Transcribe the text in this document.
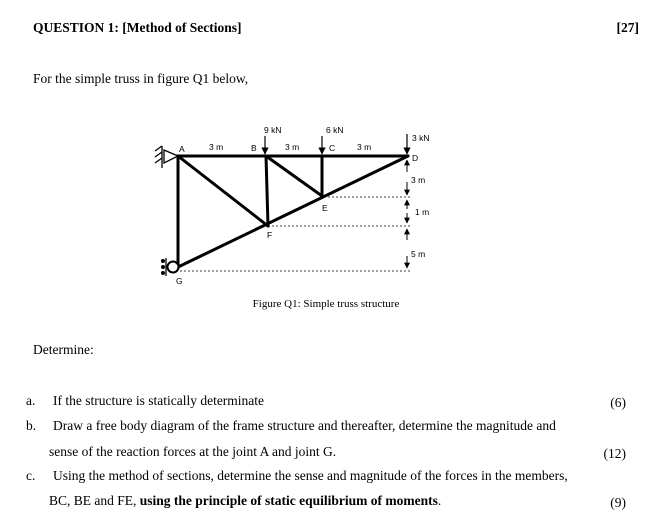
QUESTION 1: [Method of Sections]	[27]
For the simple truss in figure Q1 below,
A	B	C
D
E
F
G
9 kN	6 kN
3 kN
3 m	3 m	3 m
3 m
1 m
5 m
Figure Q1: Simple truss structure
Determine:
a. If the structure is statically determinate	(6)
b. Draw a free body diagram of the frame structure and thereafter, determine the magnitude and
sense of the reaction forces at the joint A and joint G.	(12)
c. Using the method of sections, determine the sense and magnitude of the forces in the members,
BC, BE and FE, using the principle of static equilibrium of moments.	(9)
